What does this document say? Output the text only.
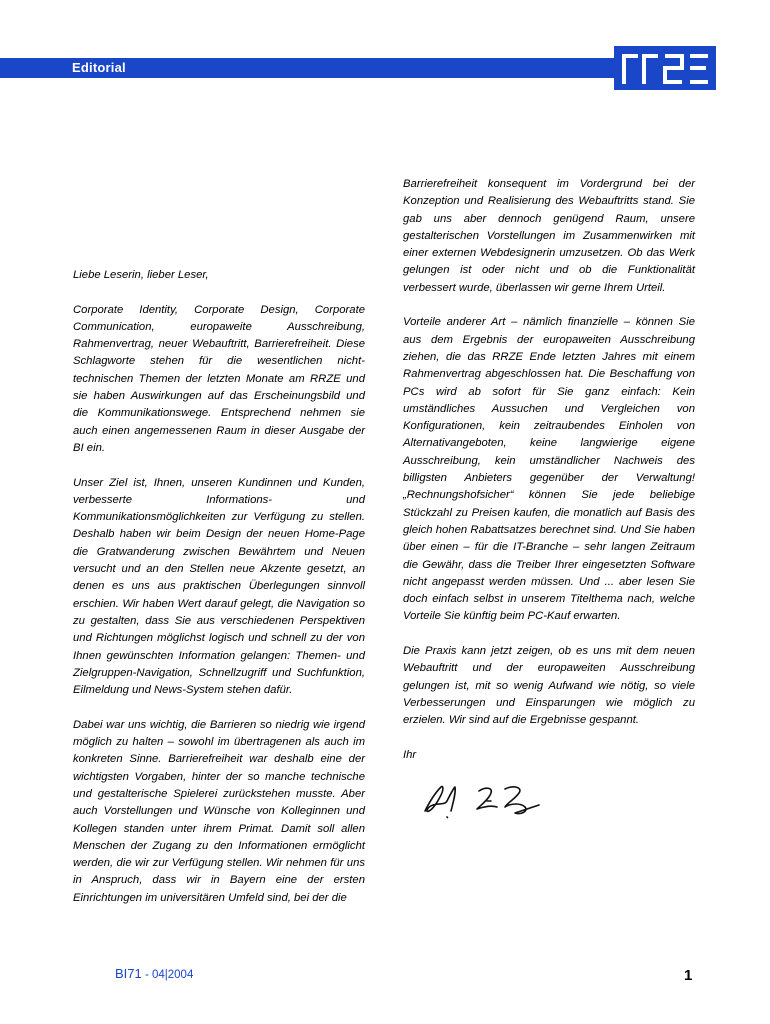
Editorial

Liebe Leserin, lieber Leser,

Corporate Identity, Corporate Design, Corporate Communication, europaweite Ausschreibung, Rahmenvertrag, neuer Webauftritt, Barrierefreiheit. Diese Schlagworte stehen für die wesentlichen nicht-technischen Themen der letzten Monate am RRZE und sie haben Auswirkungen auf das Erscheinungsbild und die Kommunikationswege. Entsprechend nehmen sie auch einen angemessenen Raum in dieser Ausgabe der BI ein.

Unser Ziel ist, Ihnen, unseren Kundinnen und Kunden, verbesserte Informations- und Kommunikationsmöglichkeiten zur Verfügung zu stellen. Deshalb haben wir beim Design der neuen Home-Page die Gratwanderung zwischen Bewährtem und Neuen versucht und an den Stellen neue Akzente gesetzt, an denen es uns aus praktischen Überlegungen sinnvoll erschien. Wir haben Wert darauf gelegt, die Navigation so zu gestalten, dass Sie aus verschiedenen Perspektiven und Richtungen möglichst logisch und schnell zu der von Ihnen gewünschten Information gelangen: Themen- und Zielgruppen-Navigation, Schnellzugriff und Suchfunktion, Eilmeldung und News-System stehen dafür.

Dabei war uns wichtig, die Barrieren so niedrig wie irgend möglich zu halten – sowohl im übertragenen als auch im konkreten Sinne. Barrierefreiheit war deshalb eine der wichtigsten Vorgaben, hinter der so manche technische und gestalterische Spielerei zurückstehen musste. Aber auch Vorstellungen und Wünsche von Kolleginnen und Kollegen standen unter ihrem Primat. Damit soll allen Menschen der Zugang zu den Informationen ermöglicht werden, die wir zur Verfügung stellen. Wir nehmen für uns in Anspruch, dass wir in Bayern eine der ersten Einrichtungen im universitären Umfeld sind, bei der die

Barrierefreiheit konsequent im Vordergrund bei der Konzeption und Realisierung des Webauftritts stand. Sie gab uns aber dennoch genügend Raum, unsere gestalterischen Vorstellungen im Zusammenwirken mit einer externen Webdesignerin umzusetzen. Ob das Werk gelungen ist oder nicht und ob die Funktionalität verbessert wurde, überlassen wir gerne Ihrem Urteil.

Vorteile anderer Art – nämlich finanzielle – können Sie aus dem Ergebnis der europaweiten Ausschreibung ziehen, die das RRZE Ende letzten Jahres mit einem Rahmenvertrag abgeschlossen hat. Die Beschaffung von PCs wird ab sofort für Sie ganz einfach: Kein umständliches Aussuchen und Vergleichen von Konfigurationen, kein zeitraubendes Einholen von Alternativangeboten, keine langwierige eigene Ausschreibung, kein umständlicher Nachweis des billigsten Anbieters gegenüber der Verwaltung! „Rechnungshofsicher“ können Sie jede beliebige Stückzahl zu Preisen kaufen, die monatlich auf Basis des gleich hohen Rabattsatzes berechnet sind. Und Sie haben über einen – für die IT-Branche – sehr langen Zeitraum die Gewähr, dass die Treiber Ihrer eingesetzten Software nicht angepasst werden müssen. Und ... aber lesen Sie doch einfach selbst in unserem Titelthema nach, welche Vorteile Sie künftig beim PC-Kauf erwarten.

Die Praxis kann jetzt zeigen, ob es uns mit dem neuen Webauftritt und der europaweiten Ausschreibung gelungen ist, mit so wenig Aufwand wie nötig, so viele Verbesserungen und Einsparungen wie möglich zu erzielen. Wir sind auf die Ergebnisse gespannt.

Ihr

BI71 - 04|2004	1
